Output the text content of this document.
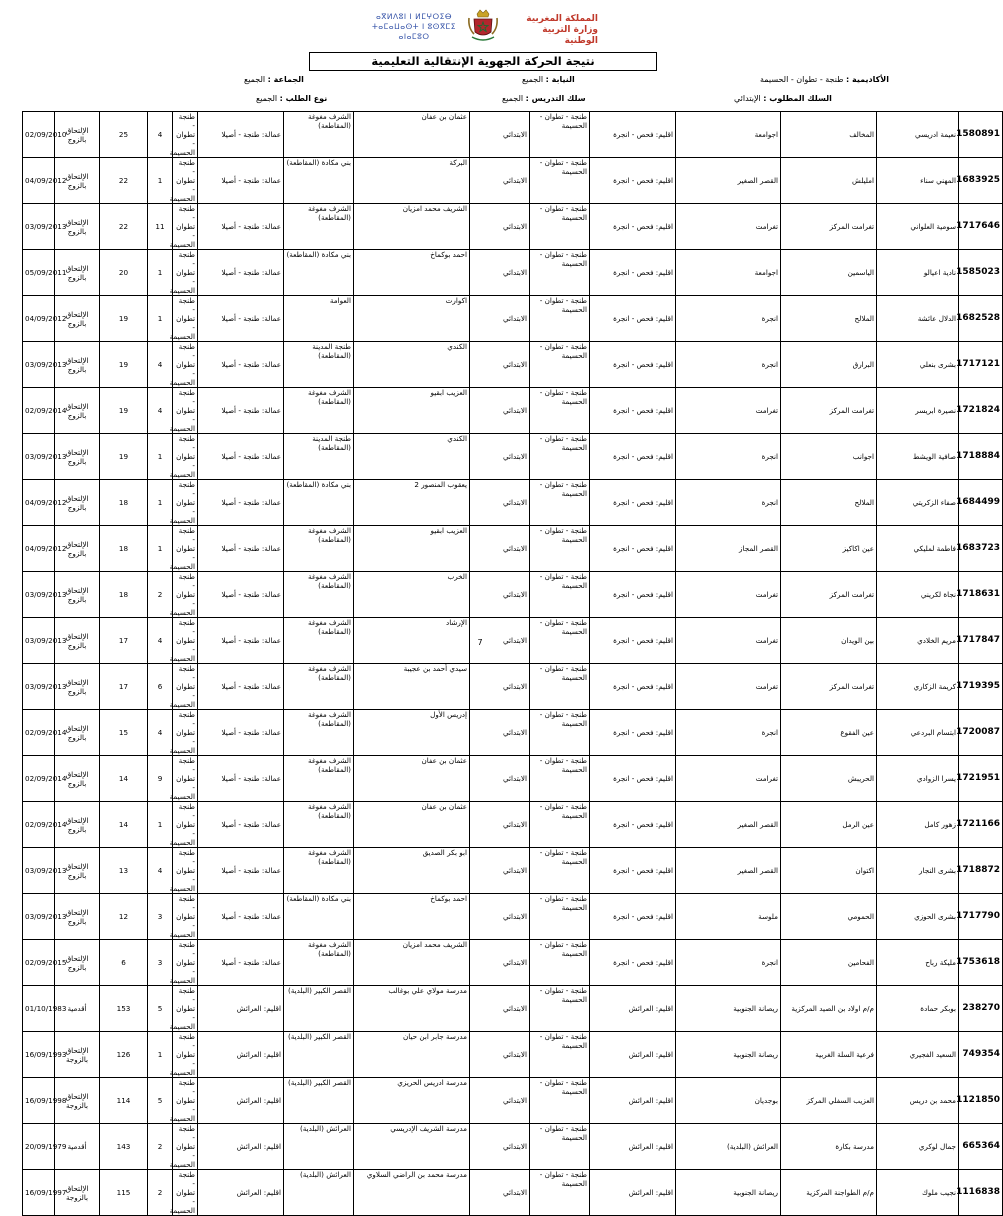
ⴰⴳⵍⴷⵓⵏ ⵏ ⵍⵎⵖⵔⵉⴱ
ⵜⴰⵎⴰⵡⴰⵙⵜ ⵏ ⵓⵙⴳⵎⵉ
ⴰⵏⴰⵎⵓⵔ
المملكة المغربية
وزارة التربية الوطنية
نتيجة الحركة الجهوية الإنتقالية التعليمية
الأكاديمية : طنجة - تطوان - الحسيمة
النيابة : الجميع
الجماعة : الجميع
السلك المطلوب : الإبتدائي
سلك التدريس : الجميع
نوع الطلب : الجميع
1580891	نعيمة ادريسي	المخالف	اجوامعة	اقليم: فحص - انجرة	طنجة - تطوان - الحسيمة	الابتدائي	عثمان بن عفان	الشرف مغوغة (المقاطعة)	عمالة: طنجة - أصيلا	طنجة - تطوان - الحسيمة	4	25	الإلتحاق بالزوج	02/09/2010	
1683925	المهني سناء	امليلش	القصر الصغير	اقليم: فحص - انجرة	طنجة - تطوان - الحسيمة	الابتدائي	البركة	بني مكادة (المقاطعة)	عمالة: طنجة - أصيلا	طنجة - تطوان - الحسيمة	1	22	الإلتحاق بالزوج	04/09/2012	
1717646	سومية العلواني	تغرامت المركز	تغرامت	اقليم: فحص - انجرة	طنجة - تطوان - الحسيمة	الابتدائي	الشريف محمد امزيان	الشرف مغوغة (المقاطعة)	عمالة: طنجة - أصيلا	طنجة - تطوان - الحسيمة	11	22	الإلتحاق بالزوج	03/09/2013	
1585023	نادية اعيالو	الياسمين	اجوامعة	اقليم: فحص - انجرة	طنجة - تطوان - الحسيمة	الابتدائي	احمد بوكماخ	بني مكادة (المقاطعة)	عمالة: طنجة - أصيلا	طنجة - تطوان - الحسيمة	1	20	الإلتحاق بالزوج	05/09/2011	
1682528	الدلال عائشة	الملالح	انجرة	اقليم: فحص - انجرة	طنجة - تطوان - الحسيمة	الابتدائي	اكوارت	العوامة	عمالة: طنجة - أصيلا	طنجة - تطوان - الحسيمة	1	19	الإلتحاق بالزوج	04/09/2012	
1717121	بشرى بنعلي	البرارق	انجرة	اقليم: فحص - انجرة	طنجة - تطوان - الحسيمة	الابتدائي	الكندي	طنجة المدينة (المقاطعة)	عمالة: طنجة - أصيلا	طنجة - تطوان - الحسيمة	4	19	الإلتحاق بالزوج	03/09/2013	
1721824	نصيرة ابريسر	تغرامت المركز	تغرامت	اقليم: فحص - انجرة	طنجة - تطوان - الحسيمة	الابتدائي	العزيب ابقيو	الشرف مغوغة (المقاطعة)	عمالة: طنجة - أصيلا	طنجة - تطوان - الحسيمة	4	19	الإلتحاق بالزوج	02/09/2014	
1718884	صافية الويشط	اجوانب	انجرة	اقليم: فحص - انجرة	طنجة - تطوان - الحسيمة	الابتدائي	الكندي	طنجة المدينة (المقاطعة)	عمالة: طنجة - أصيلا	طنجة - تطوان - الحسيمة	1	19	الإلتحاق بالزوج	03/09/2013	
1684499	صفاء الزكريتي	الملالح	انجرة	اقليم: فحص - انجرة	طنجة - تطوان - الحسيمة	الابتدائي	يعقوب المنصور 2	بني مكادة (المقاطعة)	عمالة: طنجة - أصيلا	طنجة - تطوان - الحسيمة	1	18	الإلتحاق بالزوج	04/09/2012	
1683723	فاطمة لمليكي	عين اكاكيز	القصر المجاز	اقليم: فحص - انجرة	طنجة - تطوان - الحسيمة	الابتدائي	العزيب ابقيو	الشرف مغوغة (المقاطعة)	عمالة: طنجة - أصيلا	طنجة - تطوان - الحسيمة	1	18	الإلتحاق بالزوج	04/09/2012	
1718631	نجاة لكريني	تغرامت المركز	تغرامت	اقليم: فحص - انجرة	طنجة - تطوان - الحسيمة	الابتدائي	الخرب	الشرف مغوغة (المقاطعة)	عمالة: طنجة - أصيلا	طنجة - تطوان - الحسيمة	2	18	الإلتحاق بالزوج	03/09/2013	
1717847	مريم الخلادي	بين الويدان	تغرامت	اقليم: فحص - انجرة	طنجة - تطوان - الحسيمة	الابتدائي	الإرشاد	الشرف مغوغة (المقاطعة)	عمالة: طنجة - أصيلا	طنجة - تطوان - الحسيمة	4	17	الإلتحاق بالزوج	03/09/2013	
1719395	كريمة الزكاري	تغرامت المركز	تغرامت	اقليم: فحص - انجرة	طنجة - تطوان - الحسيمة	الابتدائي	سيدي أحمد بن عجيبة	الشرف مغوغة (المقاطعة)	عمالة: طنجة - أصيلا	طنجة - تطوان - الحسيمة	6	17	الإلتحاق بالزوج	03/09/2013	
1720087	ابتسام البردعي	عين الفقوع	انجرة	اقليم: فحص - انجرة	طنجة - تطوان - الحسيمة	الابتدائي	إدريس الأول	الشرف مغوغة (المقاطعة)	عمالة: طنجة - أصيلا	طنجة - تطوان - الحسيمة	4	15	الإلتحاق بالزوج	02/09/2014	
1721951	يسرا الزوادي	الحريبش	تغرامت	اقليم: فحص - انجرة	طنجة - تطوان - الحسيمة	الابتدائي	عثمان بن عفان	الشرف مغوغة (المقاطعة)	عمالة: طنجة - أصيلا	طنجة - تطوان - الحسيمة	9	14	الإلتحاق بالزوج	02/09/2014	
1721166	زهور كامل	عين الرمل	القصر الصغير	اقليم: فحص - انجرة	طنجة - تطوان - الحسيمة	الابتدائي	عثمان بن عفان	الشرف مغوغة (المقاطعة)	عمالة: طنجة - أصيلا	طنجة - تطوان - الحسيمة	1	14	الإلتحاق بالزوج	02/09/2014	
1718872	بشرى النجار	اكتوان	القصر الصغير	اقليم: فحص - انجرة	طنجة - تطوان - الحسيمة	الابتدائي	ابو بكر الصديق	الشرف مغوغة (المقاطعة)	عمالة: طنجة - أصيلا	طنجة - تطوان - الحسيمة	4	13	الإلتحاق بالزوج	03/09/2013	
1717790	بشرى الحوزي	الحمومي	ملوسة	اقليم: فحص - انجرة	طنجة - تطوان - الحسيمة	الابتدائي	احمد بوكماخ	بني مكادة (المقاطعة)	عمالة: طنجة - أصيلا	طنجة - تطوان - الحسيمة	3	12	الإلتحاق بالزوج	03/09/2013	
1753618	مليكة رباح	الفحامين	انجرة	اقليم: فحص - انجرة	طنجة - تطوان - الحسيمة	الابتدائي	الشريف محمد امزيان	الشرف مغوغة (المقاطعة)	عمالة: طنجة - أصيلا	طنجة - تطوان - الحسيمة	3	6	الإلتحاق بالزوج	02/09/2015	
238270	بوبكر حمادة	م/م اولاد بن الصيد المركزية	ريصانة الجنوبية	اقليم: العرائش	طنجة - تطوان - الحسيمة	الابتدائي	مدرسة مولاي علي بوغالب	القصر الكبير (البلدية)	اقليم: العرائش	طنجة - تطوان - الحسيمة	5	153	أقدمية	01/10/1983	
749354	السعيد الفجيري	فرعية السلة الغربية	ريصانة الجنوبية	اقليم: العرائش	طنجة - تطوان - الحسيمة	الابتدائي	مدرسة جابر ابن حيان	القصر الكبير (البلدية)	اقليم: العرائش	طنجة - تطوان - الحسيمة	1	126	الإلتحاق بالزوجة	16/09/1993	
1121850	محمد بن دريس	العزيب السفلي المركز	بوجديان	اقليم: العرائش	طنجة - تطوان - الحسيمة	الابتدائي	مدرسة ادريس الحريزي	القصر الكبير (البلدية)	اقليم: العرائش	طنجة - تطوان - الحسيمة	5	114	الإلتحاق بالزوجة	16/09/1998	
665364	جمال لوكري	مدرسة بكارة	العرائش (البلدية)	اقليم: العرائش	طنجة - تطوان - الحسيمة	الابتدائي	مدرسة الشريف الإدريسي	العرائش (البلدية)	اقليم: العرائش	طنجة - تطوان - الحسيمة	2	143	أقدمية	20/09/1979	
1116838	نجيب ملوك	م/م الطواجنة المركزية	ريصانة الجنوبية	اقليم: العرائش	طنجة - تطوان - الحسيمة	الابتدائي	مدرسة محمد بن الراضي السلاوي	العرائش (البلدية)	اقليم: العرائش	طنجة - تطوان - الحسيمة	2	115	الإلتحاق بالزوجة	16/09/1997	
7
